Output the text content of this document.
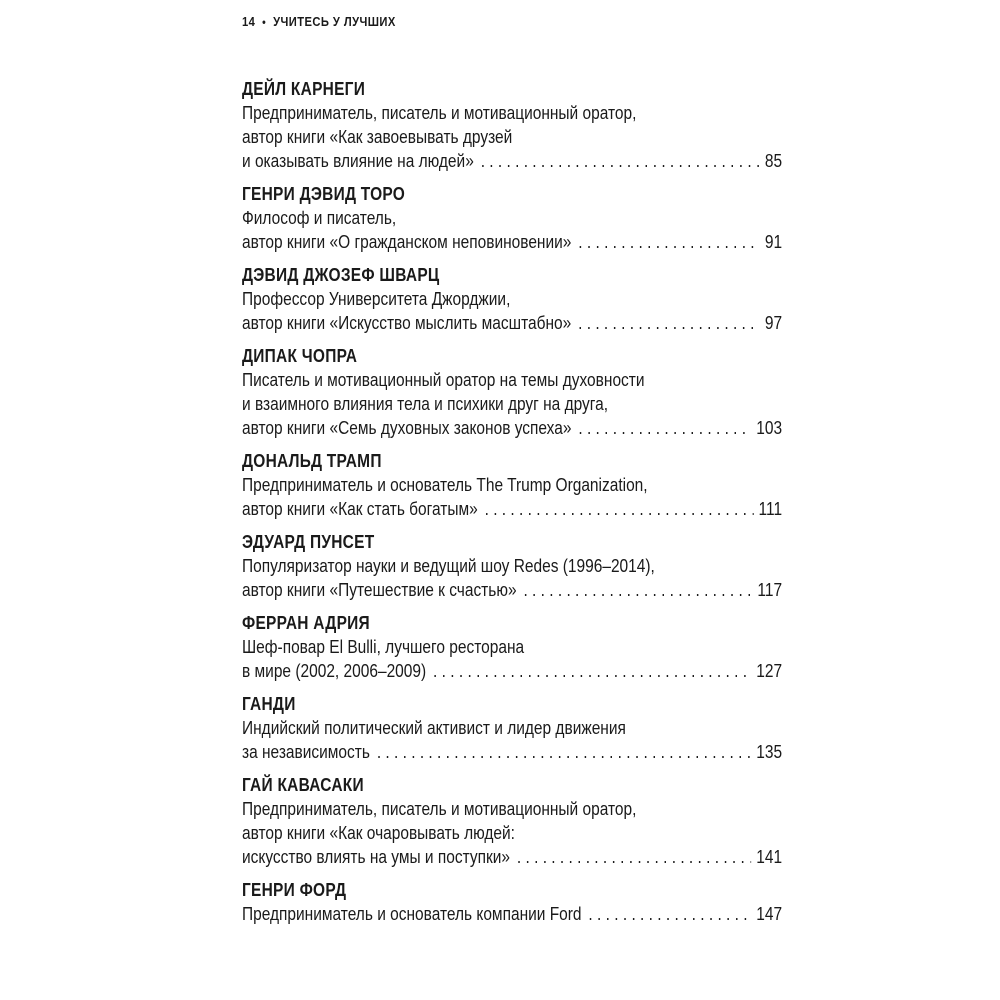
14 • УЧИТЕСЬ У ЛУЧШИХ
ДЕЙЛ КАРНЕГИ
Предприниматель, писатель и мотивационный оратор,
автор книги «Как завоевывать друзей
и оказывать влияние на людей» . . .	85
ГЕНРИ ДЭВИД ТОРО
Философ и писатель,
автор книги «О гражданском неповиновении» . . .	91
ДЭВИД ДЖОЗЕФ ШВАРЦ
Профессор Университета Джорджии,
автор книги «Искусство мыслить масштабно» . . .	97
ДИПАК ЧОПРА
Писатель и мотивационный оратор на темы духовности
и взаимного влияния тела и психики друг на друга,
автор книги «Семь духовных законов успеха» . . .	103
ДОНАЛЬД ТРАМП
Предприниматель и основатель The Trump Organization,
автор книги «Как стать богатым» . . .	111
ЭДУАРД ПУНСЕТ
Популяризатор науки и ведущий шоу Redes (1996–2014),
автор книги «Путешествие к счастью» . . .	117
ФЕРРАН АДРИЯ
Шеф-повар El Bulli, лучшего ресторана
в мире (2002, 2006–2009) . . .	127
ГАНДИ
Индийский политический активист и лидер движения
за независимость . . .	135
ГАЙ КАВАСАКИ
Предприниматель, писатель и мотивационный оратор,
автор книги «Как очаровывать людей:
искусство влиять на умы и поступки» . . .	141
ГЕНРИ ФОРД
Предприниматель и основатель компании Ford . . .	147
